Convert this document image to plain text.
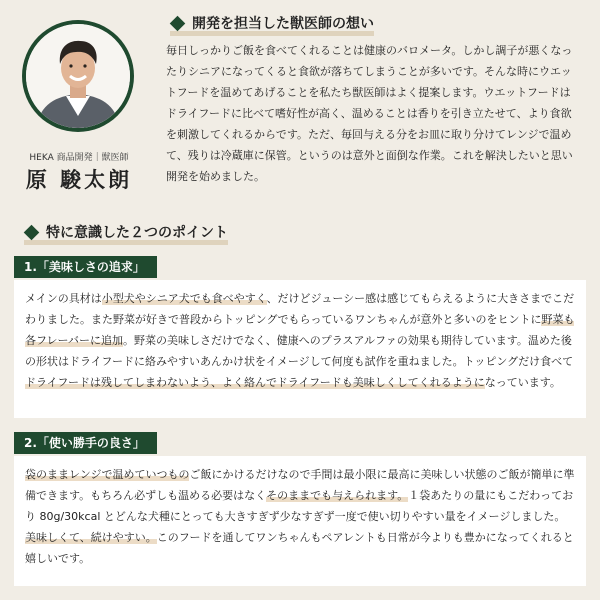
HEKA 商品開発｜獣医師
原 駿太朗
開発を担当した獣医師の想い

毎日しっかりご飯を食べてくれることは健康のバロメータ。しかし調子が悪くなったりシニアになってくると食欲が落ちてしまうことが多いです。そんな時にウエットフードを温めてあげることを私たち獣医師はよく提案します。ウエットフードはドライフードに比べて嗜好性が高く、温めることは香りを引き立たせて、より食欲を刺激してくれるからです。ただ、毎回与える分をお皿に取り分けてレンジで温めて、残りは冷蔵庫に保管。というのは意外と面倒な作業。これを解決したいと思い開発を始めました。

特に意識した２つのポイント
1.「美味しさの追求」

メインの具材は小型犬やシニア犬でも食べやすく、だけどジューシー感は感じてもらえるように大きさまでこだわりました。また野菜が好きで普段からトッピングでもらっているワンちゃんが意外と多いのをヒントに野菜も各フレーバーに追加。野菜の美味しさだけでなく、健康へのプラスアルファの効果も期待しています。温めた後の形状はドライフードに絡みやすいあんかけ状をイメージして何度も試作を重ねました。トッピングだけ食べてドライフードは残してしまわないよう、よく絡んでドライフードも美味しくしてくれるようになっています。

2.「使い勝手の良さ」

袋のままレンジで温めていつものご飯にかけるだけなので手間は最小限に最高に美味しい状態のご飯が簡単に準備できます。もちろん必ずしも温める必要はなくそのままでも与えられます。１袋あたりの量にもこだわっており 80g/30kcal とどんな犬種にとっても大きすぎず少なすぎず一度で使い切りやすい量をイメージしました。美味しくて、続けやすい。このフードを通してワンちゃんもペアレントも日常が今よりも豊かになってくれると嬉しいです。
